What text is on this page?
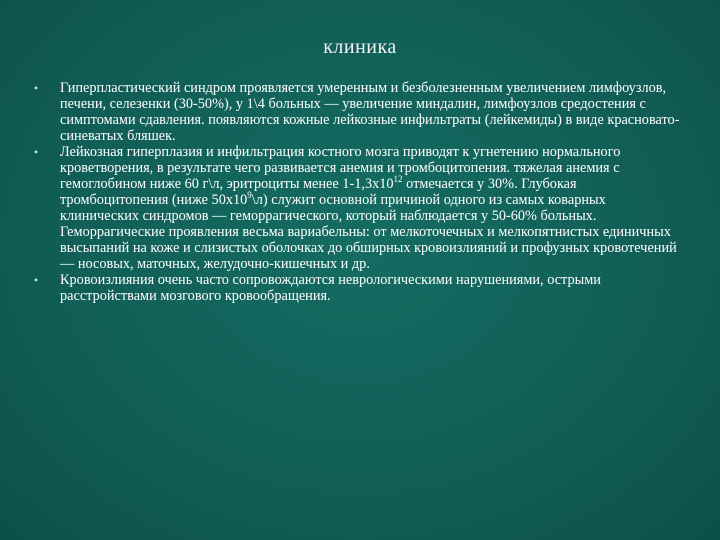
клиника
• Гиперпластический синдром проявляется умеренным и безболезненным увеличением лимфоузлов, печени, селезенки (30-50%), у 1\4 больных — увеличение миндалин, лимфоузлов средостения с симптомами сдавления. появляются кожные лейкозные инфильтраты (лейкемиды) в виде красновато-синеватых бляшек.
• Лейкозная гиперплазия и инфильтрация костного мозга приводят к угнетению нормального кроветворения, в результате чего развивается анемия и тромбоцитопения. тяжелая анемия с гемоглобином ниже 60 г\л, эритроциты менее $1-1,3х10^{12}$ отмечается у 30%. Глубокая тромбоцитопения (ниже $50х10^9\backslash л$) служит основной причиной одного из самых коварных клинических синдромов — геморрагического, который наблюдается у 50-60% больных. Геморрагические проявления весьма вариабельны: от мелкоточечных и мелкопятнистых единичных высыпаний на коже и слизистых оболочках до обширных кровоизлияний и профузных кровотечений — носовых, маточных, желудочно-кишечных и др.
• Кровоизлияния очень часто сопровождаются неврологическими нарушениями, острыми расстройствами мозгового кровообращения.
